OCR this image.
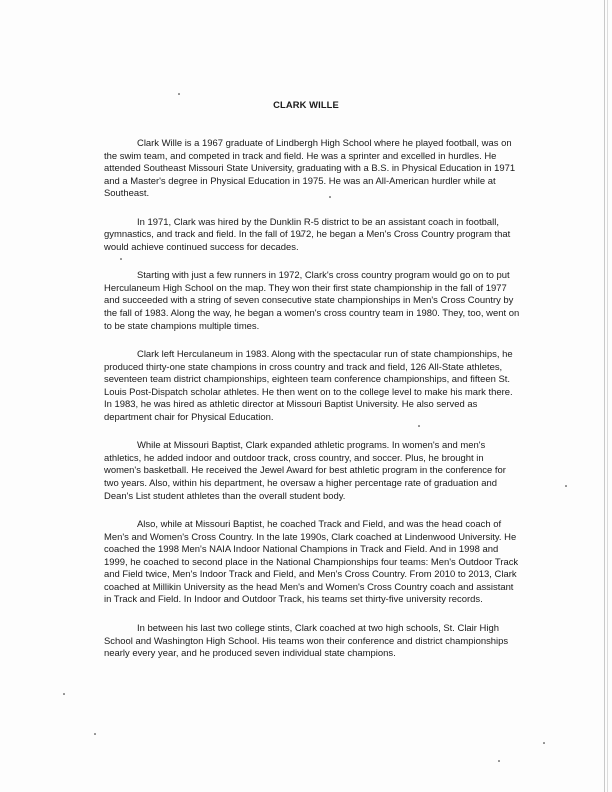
CLARK WILLE

Clark Wille is a 1967 graduate of Lindbergh High School where he played football, was on the swim team, and competed in track and field. He was a sprinter and excelled in hurdles. He attended Southeast Missouri State University, graduating with a B.S. in Physical Education in 1971 and a Master's degree in Physical Education in 1975. He was an All-American hurdler while at Southeast.

In 1971, Clark was hired by the Dunklin R-5 district to be an assistant coach in football, gymnastics, and track and field. In the fall of 1972, he began a Men's Cross Country program that would achieve continued success for decades.

Starting with just a few runners in 1972, Clark's cross country program would go on to put Herculaneum High School on the map. They won their first state championship in the fall of 1977 and succeeded with a string of seven consecutive state championships in Men's Cross Country by the fall of 1983. Along the way, he began a women's cross country team in 1980. They, too, went on to be state champions multiple times.

Clark left Herculaneum in 1983. Along with the spectacular run of state championships, he produced thirty-one state champions in cross country and track and field, 126 All-State athletes, seventeen team district championships, eighteen team conference championships, and fifteen St. Louis Post-Dispatch scholar athletes. He then went on to the college level to make his mark there. In 1983, he was hired as athletic director at Missouri Baptist University. He also served as department chair for Physical Education.

While at Missouri Baptist, Clark expanded athletic programs. In women's and men's athletics, he added indoor and outdoor track, cross country, and soccer. Plus, he brought in women's basketball. He received the Jewel Award for best athletic program in the conference for two years. Also, within his department, he oversaw a higher percentage rate of graduation and Dean's List student athletes than the overall student body.

Also, while at Missouri Baptist, he coached Track and Field, and was the head coach of Men's and Women's Cross Country. In the late 1990s, Clark coached at Lindenwood University. He coached the 1998 Men's NAIA Indoor National Champions in Track and Field. And in 1998 and 1999, he coached to second place in the National Championships four teams: Men's Outdoor Track and Field twice, Men's Indoor Track and Field, and Men's Cross Country. From 2010 to 2013, Clark coached at Millikin University as the head Men's and Women's Cross Country coach and assistant in Track and Field. In Indoor and Outdoor Track, his teams set thirty-five university records.

In between his last two college stints, Clark coached at two high schools, St. Clair High School and Washington High School. His teams won their conference and district championships nearly every year, and he produced seven individual state champions.
